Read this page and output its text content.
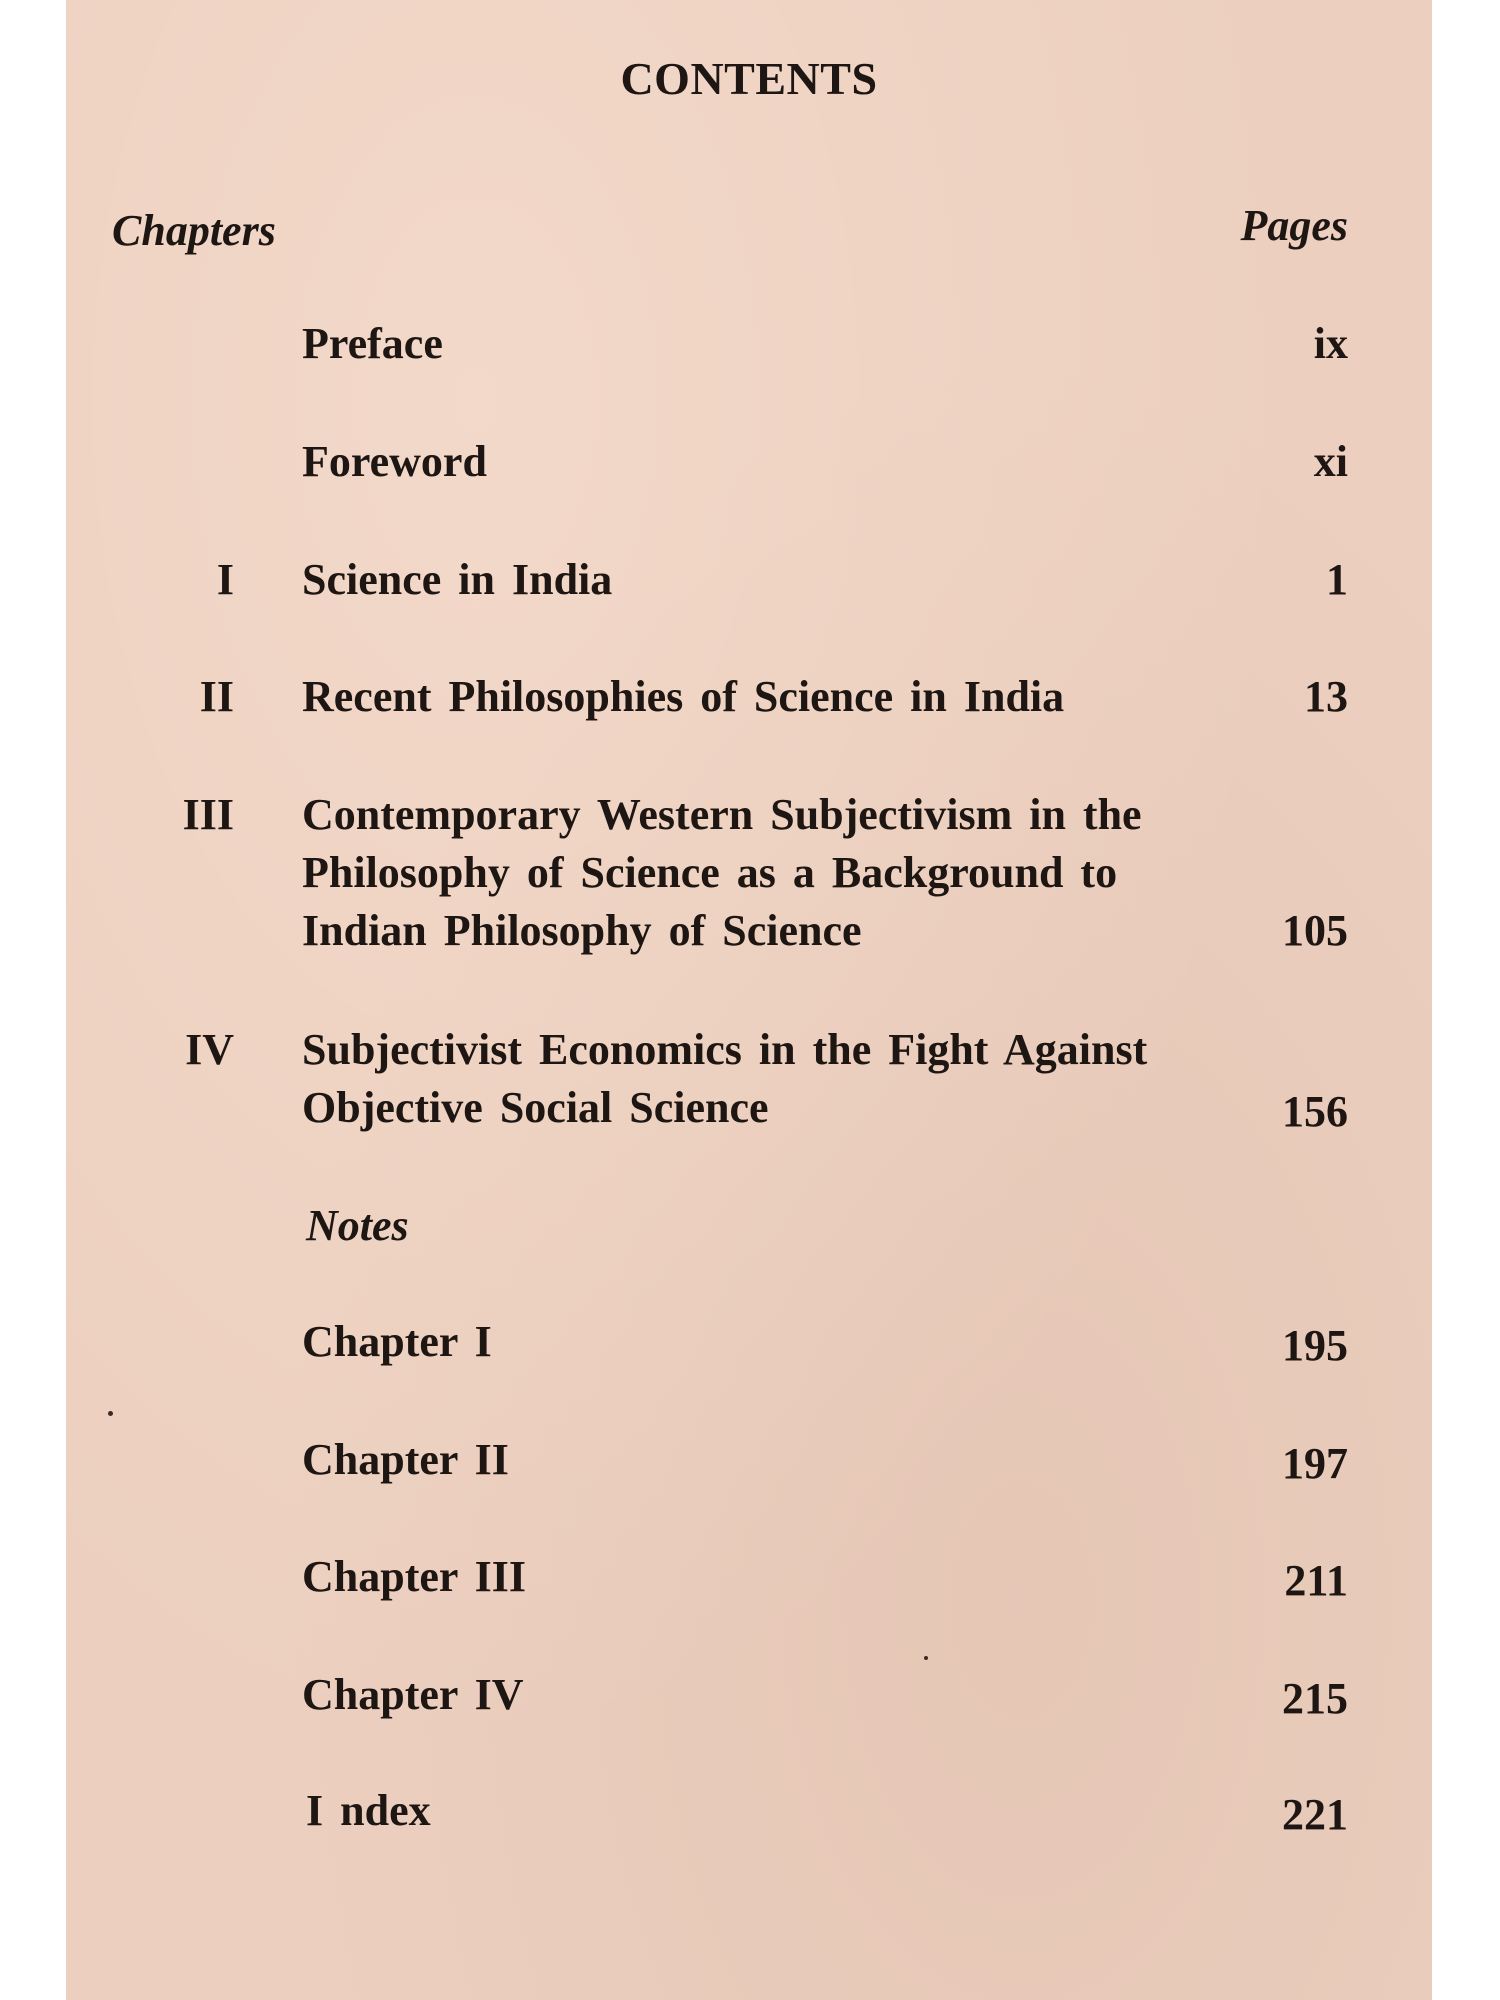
CONTENTS
Chapters	Pages
Preface	ix
Foreword	xi
I Science in India	1
II Recent Philosophies of Science in India	13
III Contemporary Western Subjectivism in the
Philosophy of Science as a Background to
Indian Philosophy of Science	105
IV Subjectivist Economics in the Fight Against
Objective Social Science	156
Notes
Chapter I	195
Chapter II	197
Chapter III	211
Chapter IV	215
I ndex	221
